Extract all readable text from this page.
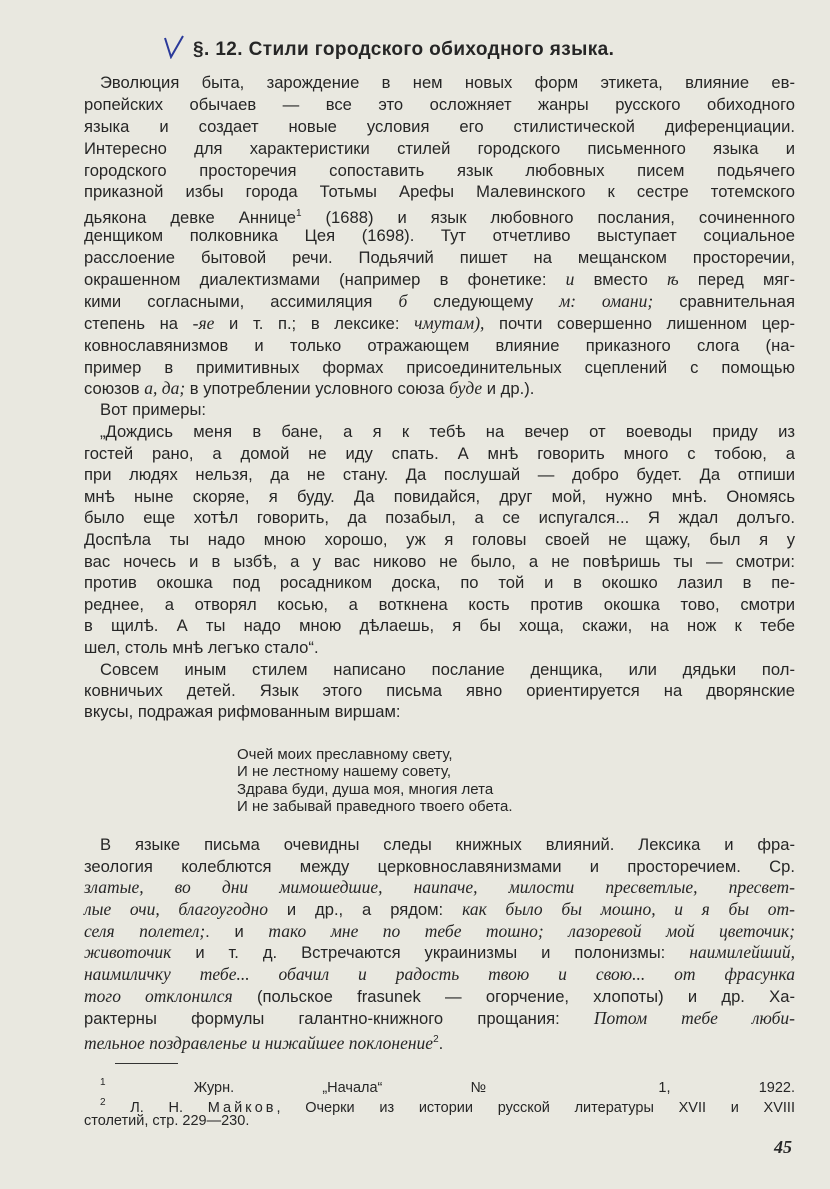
§. 12. Стили городского обиходного языка.
Эволюция быта, зарождение в нем новых форм этикета, влияние ев-
ропейских обычаев — все это осложняет жанры русского обиходного
языка и создает новые условия его стилистической диференциации.
Интересно для характеристики стилей городского письменного языка и
городского просторечия сопоставить язык любовных писем подьячего
приказной избы города Тотьмы Арефы Малевинского к сестре тотемского
дьякона девке Аннице$^1$ (1688) и язык любовного послания, сочиненного
денщиком полковника Цея (1698). Тут отчетливо выступает социальное
расслоение бытовой речи. Подьячий пишет на мещанском просторечии,
окрашенном диалектизмами (например в фонетике: и вместо ѣ перед мяг-
кими согласными, ассимиляция б следующему м: омани; сравнительная
степень на -яе и т. п.; в лексике: чмутам), почти совершенно лишенном цер-
ковнославянизмов и только отражающем влияние приказного слога (на-
пример в примитивных формах присоединительных сцеплений с помощью
союзов а, да; в употреблении условного союза буде и др.).
Вот примеры:
„Дождись меня в бане, а я к тебѣ на вечер от воеводы приду из
гостей рано, а домой не иду спать. А мнѣ говорить много с тобою, а
при людях нельзя, да не стану. Да послушай — добро будет. Да отпиши
мнѣ ныне скоряе, я буду. Да повидайся, друг мой, нужно мнѣ. Ономясь
было еще хотѣл говорить, да позабыл, а се испугался... Я ждал долъго.
Доспѣла ты надо мною хорошо, уж я головы своей не щажу, был я у
вас ночесь и в ызбѣ, а у вас никово не было, а не повѣришь ты — смотри:
против окошка под росадником доска, по той и в окошко лазил в пе-
реднее, а отворял косью, а воткнена кость против окошка тово, смотри
в щилѣ. А ты надо мною дѣлаешь, я бы хоща, скажи, на нож к тебе
шел, столь мнѣ легъко стало“.
Совсем иным стилем написано послание денщика, или дядьки пол-
ковничьих детей. Язык этого письма явно ориентируется на дворянские
вкусы, подражая рифмованным виршам:
Очей моих преславному свету,
И не лестному нашему совету,
Здрава буди, душа моя, многия лета
И не забывай праведного твоего обета.
В языке письма очевидны следы книжных влияний. Лексика и фра-
зеология колеблются между церковнославянизмами и просторечием. Ср.
златые, во дни мимошедшие, наипаче, милости пресветлые, пресвет-
лые очи, благоугодно и др., а рядом: как было бы мошно, и я бы от-
селя полетел;. и тако мне по тебе тошно; лазоревой мой цветочик;
животочик и т. д. Встречаются украинизмы и полонизмы: наимилейший,
наимиличку тебе... обачил и радость твою и свою... от фрасунка
того отклонился (польское frasunek — огорчение, хлопоты) и др. Ха-
рактерны формулы галантно-книжного прощания: Потом тебе люби-
тельное поздравленье и нижайшее поклонение$^2$.
$^1$ Журн. „Начала“ № 1, 1922.
$^2$ Л. Н. Майков, Очерки из истории русской литературы XVII и XVIII
столетий, стр. 229—230.
45
